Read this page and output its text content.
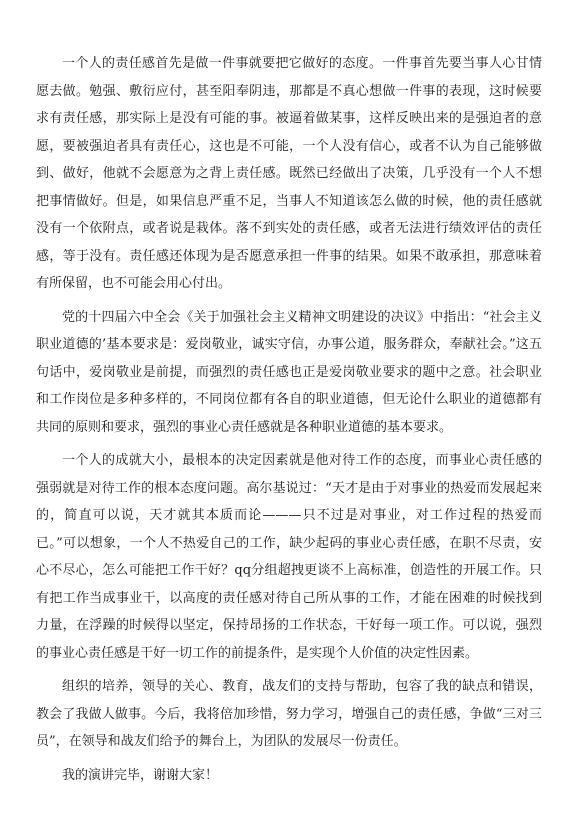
一个人的责任感首先是做一件事就要把它做好的态度。一件事首先要当事人心甘情愿去做。勉强、敷衍应付，甚至阳奉阴违，那都是不真心想做一件事的表现，这时候要求有责任感，那实际上是没有可能的事。被逼着做某事，这样反映出来的是强迫者的意愿，要被强迫者具有责任心，这也是不可能，一个人没有信心，或者不认为自己能够做到、做好，他就不会愿意为之背上责任感。既然已经做出了决策，几乎没有一个人不想把事情做好。但是，如果信息严重不足，当事人不知道该怎么做的时候，他的责任感就没有一个依附点，或者说是栽体。落不到实处的责任感，或者无法进行绩效评估的责任感，等于没有。责任感还体现为是否愿意承担一件事的结果。如果不敢承担，那意味着有所保留，也不可能会用心付出。

党的十四届六中全会《关于加强社会主义精神文明建设的决议》中指出：“社会主义职业道德的’基本要求是：爱岗敬业，诚实守信，办事公道，服务群众，奉献社会。”这五句话中，爱岗敬业是前提，而强烈的责任感也正是爱岗敬业要求的题中之意。社会职业和工作岗位是多种多样的，不同岗位都有各自的职业道德，但无论什么职业的道德都有共同的原则和要求，强烈的事业心责任感就是各种职业道德的基本要求。

一个人的成就大小，最根本的决定因素就是他对待工作的态度，而事业心责任感的强弱就是对待工作的根本态度问题。高尔基说过：“天才是由于对事业的热爱而发展起来的，简直可以说，天才就其本质而论———只不过是对事业，对工作过程的热爱而已。”可以想象，一个人不热爱自己的工作，缺少起码的事业心责任感，在职不尽责，安心不尽心，怎么可能把工作干好？qq分组超拽更谈不上高标准，创造性的开展工作。只有把工作当成事业干，以高度的责任感对待自己所从事的工作，才能在困难的时候找到力量，在浮躁的时候得以坚定，保持昂扬的工作状态，干好每一项工作。可以说，强烈的事业心责任感是干好一切工作的前提条件，是实现个人价值的决定性因素。

组织的培养，领导的关心、教育，战友们的支持与帮助，包容了我的缺点和错误，教会了我做人做事。今后，我将倍加珍惜，努力学习，增强自己的责任感，争做“三对三员”，在领导和战友们给予的舞台上，为团队的发展尽一份责任。

我的演讲完毕，谢谢大家！
